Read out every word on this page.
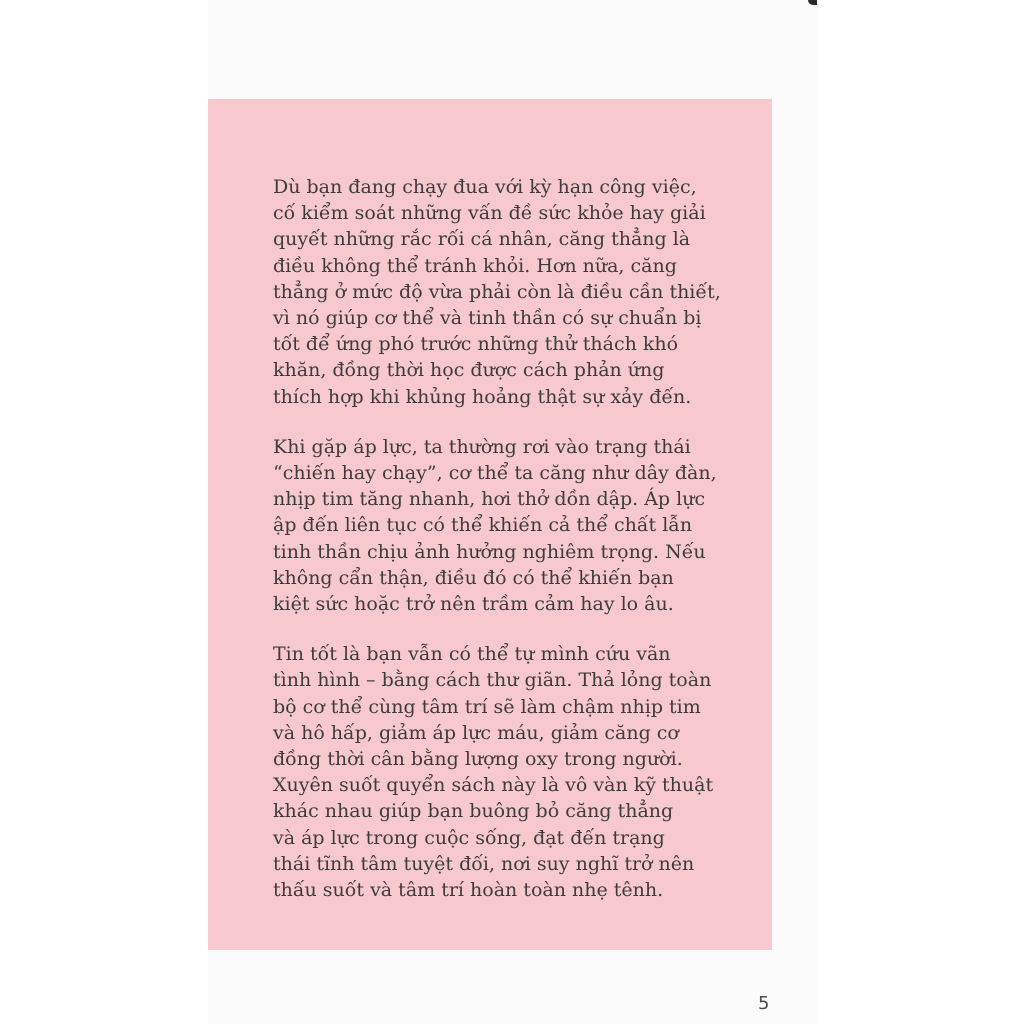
Dù bạn đang chạy đua với kỳ hạn công việc,
cố kiểm soát những vấn đề sức khỏe hay giải
quyết những rắc rối cá nhân, căng thẳng là
điều không thể tránh khỏi. Hơn nữa, căng
thẳng ở mức độ vừa phải còn là điều cần thiết,
vì nó giúp cơ thể và tinh thần có sự chuẩn bị
tốt để ứng phó trước những thử thách khó
khăn, đồng thời học được cách phản ứng
thích hợp khi khủng hoảng thật sự xảy đến.

Khi gặp áp lực, ta thường rơi vào trạng thái
“chiến hay chạy”, cơ thể ta căng như dây đàn,
nhịp tim tăng nhanh, hơi thở dồn dập. Áp lực
ập đến liên tục có thể khiến cả thể chất lẫn
tinh thần chịu ảnh hưởng nghiêm trọng. Nếu
không cẩn thận, điều đó có thể khiến bạn
kiệt sức hoặc trở nên trầm cảm hay lo âu.

Tin tốt là bạn vẫn có thể tự mình cứu vãn
tình hình – bằng cách thư giãn. Thả lỏng toàn
bộ cơ thể cùng tâm trí sẽ làm chậm nhịp tim
và hô hấp, giảm áp lực máu, giảm căng cơ
đồng thời cân bằng lượng oxy trong người.
Xuyên suốt quyển sách này là vô vàn kỹ thuật
khác nhau giúp bạn buông bỏ căng thẳng
và áp lực trong cuộc sống, đạt đến trạng
thái tĩnh tâm tuyệt đối, nơi suy nghĩ trở nên
thấu suốt và tâm trí hoàn toàn nhẹ tênh.

5
